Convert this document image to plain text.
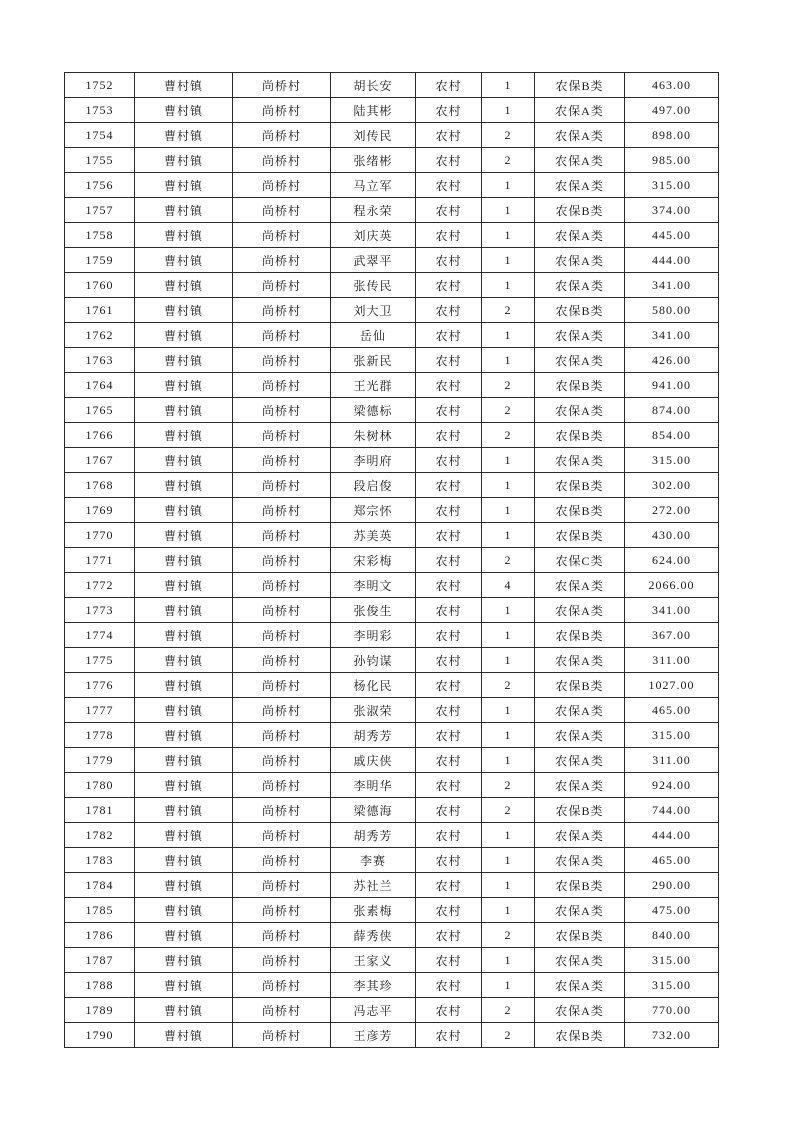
1752	曹村镇	尚桥村	胡长安	农村	1	农保B类	463.00
1753	曹村镇	尚桥村	陆其彬	农村	1	农保A类	497.00
1754	曹村镇	尚桥村	刘传民	农村	2	农保A类	898.00
1755	曹村镇	尚桥村	张绪彬	农村	2	农保A类	985.00
1756	曹村镇	尚桥村	马立军	农村	1	农保A类	315.00
1757	曹村镇	尚桥村	程永荣	农村	1	农保B类	374.00
1758	曹村镇	尚桥村	刘庆英	农村	1	农保A类	445.00
1759	曹村镇	尚桥村	武翠平	农村	1	农保A类	444.00
1760	曹村镇	尚桥村	张传民	农村	1	农保A类	341.00
1761	曹村镇	尚桥村	刘大卫	农村	2	农保B类	580.00
1762	曹村镇	尚桥村	岳仙	农村	1	农保A类	341.00
1763	曹村镇	尚桥村	张新民	农村	1	农保A类	426.00
1764	曹村镇	尚桥村	王光群	农村	2	农保B类	941.00
1765	曹村镇	尚桥村	梁德标	农村	2	农保A类	874.00
1766	曹村镇	尚桥村	朱树林	农村	2	农保B类	854.00
1767	曹村镇	尚桥村	李明府	农村	1	农保A类	315.00
1768	曹村镇	尚桥村	段启俊	农村	1	农保B类	302.00
1769	曹村镇	尚桥村	郑宗怀	农村	1	农保B类	272.00
1770	曹村镇	尚桥村	苏美英	农村	1	农保B类	430.00
1771	曹村镇	尚桥村	宋彩梅	农村	2	农保C类	624.00
1772	曹村镇	尚桥村	李明文	农村	4	农保A类	2066.00
1773	曹村镇	尚桥村	张俊生	农村	1	农保A类	341.00
1774	曹村镇	尚桥村	李明彩	农村	1	农保B类	367.00
1775	曹村镇	尚桥村	孙钧谋	农村	1	农保A类	311.00
1776	曹村镇	尚桥村	杨化民	农村	2	农保B类	1027.00
1777	曹村镇	尚桥村	张淑荣	农村	1	农保A类	465.00
1778	曹村镇	尚桥村	胡秀芳	农村	1	农保A类	315.00
1779	曹村镇	尚桥村	戚庆侠	农村	1	农保A类	311.00
1780	曹村镇	尚桥村	李明华	农村	2	农保A类	924.00
1781	曹村镇	尚桥村	梁德海	农村	2	农保B类	744.00
1782	曹村镇	尚桥村	胡秀芳	农村	1	农保A类	444.00
1783	曹村镇	尚桥村	李赛	农村	1	农保A类	465.00
1784	曹村镇	尚桥村	苏社兰	农村	1	农保B类	290.00
1785	曹村镇	尚桥村	张素梅	农村	1	农保A类	475.00
1786	曹村镇	尚桥村	薛秀侠	农村	2	农保B类	840.00
1787	曹村镇	尚桥村	王家义	农村	1	农保A类	315.00
1788	曹村镇	尚桥村	李其珍	农村	1	农保A类	315.00
1789	曹村镇	尚桥村	冯志平	农村	2	农保A类	770.00
1790	曹村镇	尚桥村	王彦芳	农村	2	农保B类	732.00
